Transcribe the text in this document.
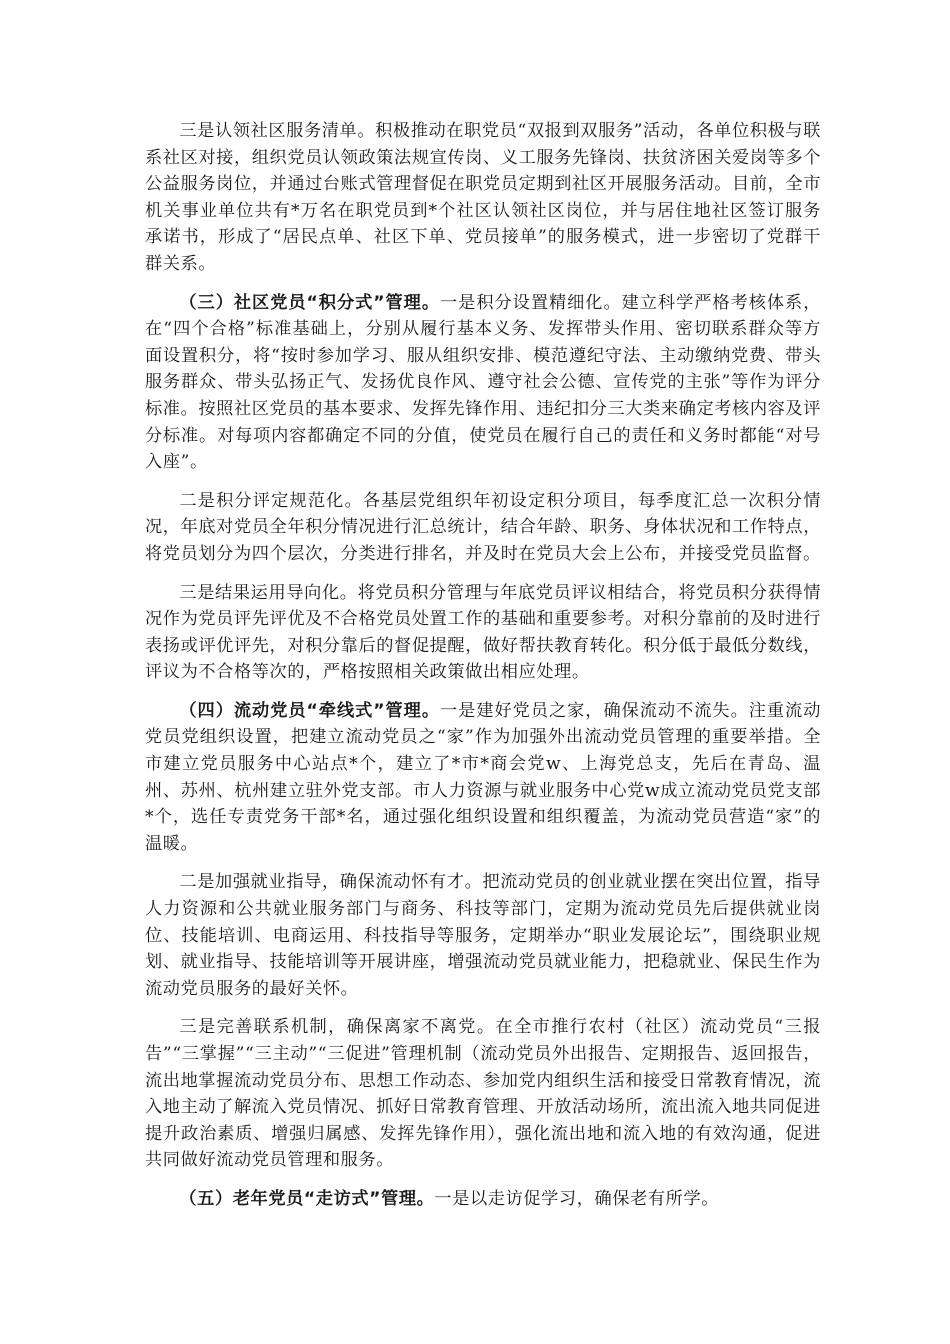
三是认领社区服务清单。积极推动在职党员“双报到双服务”活动，各单位积极与联系社区对接，组织党员认领政策法规宣传岗、义工服务先锋岗、扶贫济困关爱岗等多个公益服务岗位，并通过台账式管理督促在职党员定期到社区开展服务活动。目前，全市机关事业单位共有*万名在职党员到*个社区认领社区岗位，并与居住地社区签订服务承诺书，形成了“居民点单、社区下单、党员接单”的服务模式，进一步密切了党群干群关系。

（三）社区党员“积分式”管理。一是积分设置精细化。建立科学严格考核体系，在“四个合格”标准基础上，分别从履行基本义务、发挥带头作用、密切联系群众等方面设置积分，将“按时参加学习、服从组织安排、模范遵纪守法、主动缴纳党费、带头服务群众、带头弘扬正气、发扬优良作风、遵守社会公德、宣传党的主张”等作为评分标准。按照社区党员的基本要求、发挥先锋作用、违纪扣分三大类来确定考核内容及评分标准。对每项内容都确定不同的分值，使党员在履行自己的责任和义务时都能“对号入座”。

二是积分评定规范化。各基层党组织年初设定积分项目，每季度汇总一次积分情况，年底对党员全年积分情况进行汇总统计，结合年龄、职务、身体状况和工作特点，将党员划分为四个层次，分类进行排名，并及时在党员大会上公布，并接受党员监督。

三是结果运用导向化。将党员积分管理与年底党员评议相结合，将党员积分获得情况作为党员评先评优及不合格党员处置工作的基础和重要参考。对积分靠前的及时进行表扬或评优评先，对积分靠后的督促提醒，做好帮扶教育转化。积分低于最低分数线，评议为不合格等次的，严格按照相关政策做出相应处理。

（四）流动党员“牵线式”管理。一是建好党员之家，确保流动不流失。注重流动党员党组织设置，把建立流动党员之“家”作为加强外出流动党员管理的重要举措。全市建立党员服务中心站点*个，建立了*市*商会党w、上海党总支，先后在青岛、温州、苏州、杭州建立驻外党支部。市人力资源与就业服务中心党w成立流动党员党支部*个，选任专责党务干部*名，通过强化组织设置和组织覆盖，为流动党员营造“家”的温暖。

二是加强就业指导，确保流动怀有才。把流动党员的创业就业摆在突出位置，指导人力资源和公共就业服务部门与商务、科技等部门，定期为流动党员先后提供就业岗位、技能培训、电商运用、科技指导等服务，定期举办“职业发展论坛”，围绕职业规划、就业指导、技能培训等开展讲座，增强流动党员就业能力，把稳就业、保民生作为流动党员服务的最好关怀。

三是完善联系机制，确保离家不离党。在全市推行农村（社区）流动党员“三报告”“三掌握”“三主动”“三促进”管理机制（流动党员外出报告、定期报告、返回报告，流出地掌握流动党员分布、思想工作动态、参加党内组织生活和接受日常教育情况，流入地主动了解流入党员情况、抓好日常教育管理、开放活动场所，流出流入地共同促进提升政治素质、增强归属感、发挥先锋作用），强化流出地和流入地的有效沟通，促进共同做好流动党员管理和服务。

（五）老年党员“走访式”管理。一是以走访促学习，确保老有所学。
